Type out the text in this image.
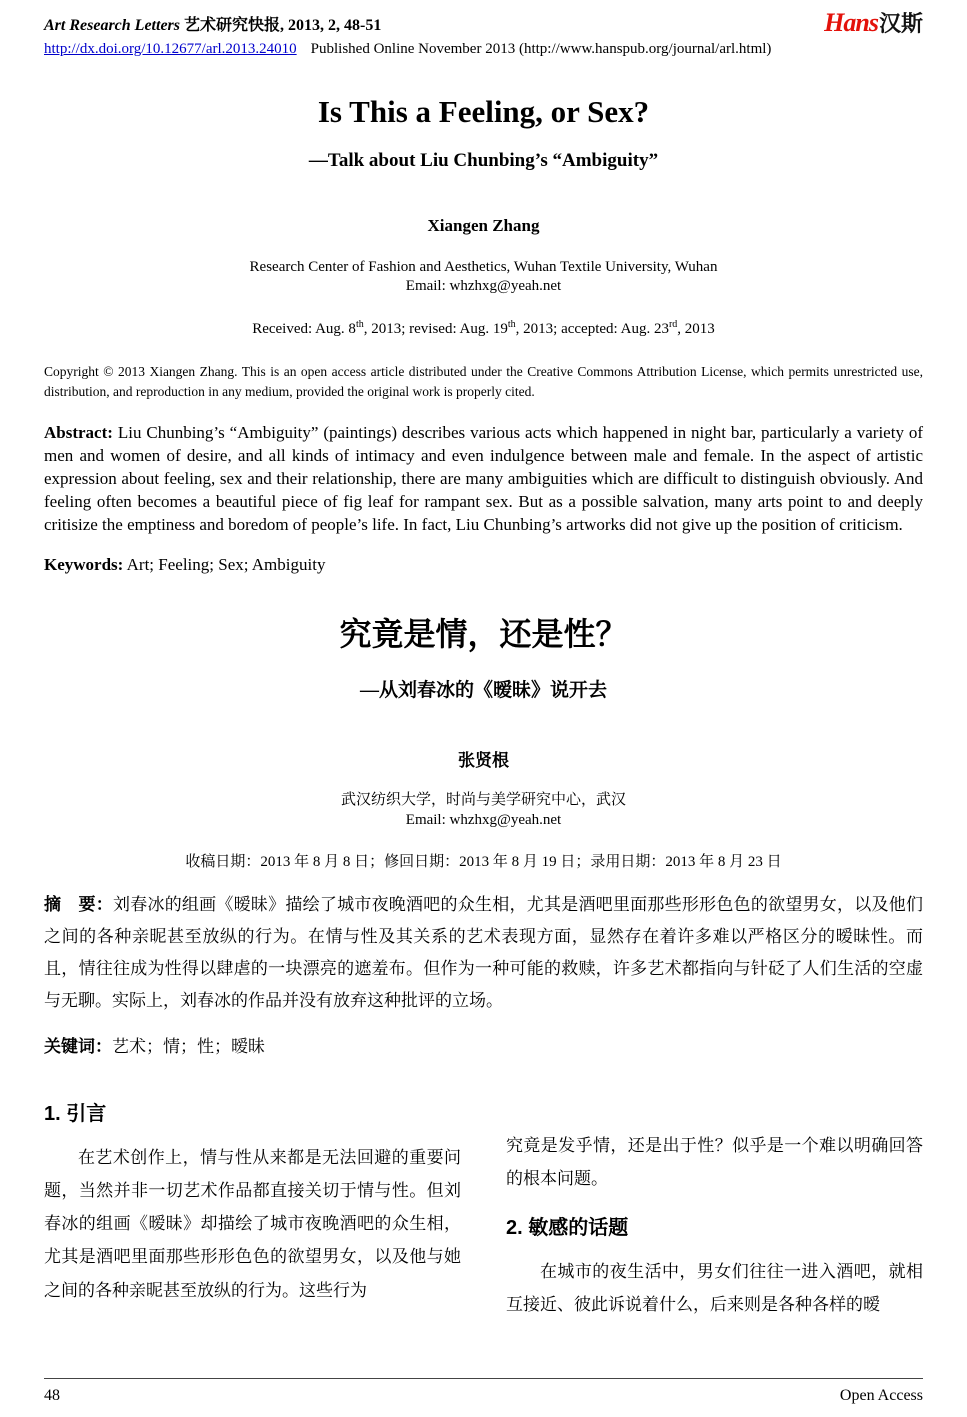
Art Research Letters 艺术研究快报, 2013, 2, 48-51	Hans汉斯
http://dx.doi.org/10.12677/arl.2013.24010 Published Online November 2013 (http://www.hanspub.org/journal/arl.html)
Is This a Feeling, or Sex?
—Talk about Liu Chunbing’s “Ambiguity”
Xiangen Zhang
Research Center of Fashion and Aesthetics, Wuhan Textile University, Wuhan
Email: whzhxg@yeah.net
Received: Aug. 8th, 2013; revised: Aug. 19th, 2013; accepted: Aug. 23rd, 2013

Copyright © 2013 Xiangen Zhang. This is an open access article distributed under the Creative Commons Attribution License, which permits unrestricted use, distribution, and reproduction in any medium, provided the original work is properly cited.

Abstract: Liu Chunbing’s “Ambiguity” (paintings) describes various acts which happened in night bar, particularly a variety of men and women of desire, and all kinds of intimacy and even indulgence between male and female. In the aspect of artistic expression about feeling, sex and their relationship, there are many ambiguities which are difficult to distinguish obviously. And feeling often becomes a beautiful piece of fig leaf for rampant sex. But as a possible salvation, many arts point to and deeply critisize the emptiness and boredom of people’s life. In fact, Liu Chunbing’s artworks did not give up the position of criticism.

Keywords: Art; Feeling; Sex; Ambiguity

究竟是情，还是性？
—从刘春冰的《暧昧》说开去
张贤根
武汉纺织大学，时尚与美学研究中心，武汉
Email: whzhxg@yeah.net
收稿日期：2013 年 8 月 8 日；修回日期：2013 年 8 月 19 日；录用日期：2013 年 8 月 23 日

摘　要：刘春冰的组画《暧昧》描绘了城市夜晚酒吧的众生相，尤其是酒吧里面那些形形色色的欲望男女，以及他们之间的各种亲昵甚至放纵的行为。在情与性及其关系的艺术表现方面，显然存在着许多难以严格区分的暧昧性。而且，情往往成为性得以肆虐的一块漂亮的遮羞布。但作为一种可能的救赎，许多艺术都指向与针砭了人们生活的空虚与无聊。实际上，刘春冰的作品并没有放弃这种批评的立场。

关键词：艺术；情；性；暧昧

1. 引言

在艺术创作上，情与性从来都是无法回避的重要问题，当然并非一切艺术作品都直接关切于情与性。但刘春冰的组画《暧昧》却描绘了城市夜晚酒吧的众生相，尤其是酒吧里面那些形形色色的欲望男女，以及他与她之间的各种亲昵甚至放纵的行为。这些行为

究竟是发乎情，还是出于性？似乎是一个难以明确回答的根本问题。

2. 敏感的话题

在城市的夜生活中，男女们往往一进入酒吧，就相互接近、彼此诉说着什么，后来则是各种各样的暧

48	Open Access
